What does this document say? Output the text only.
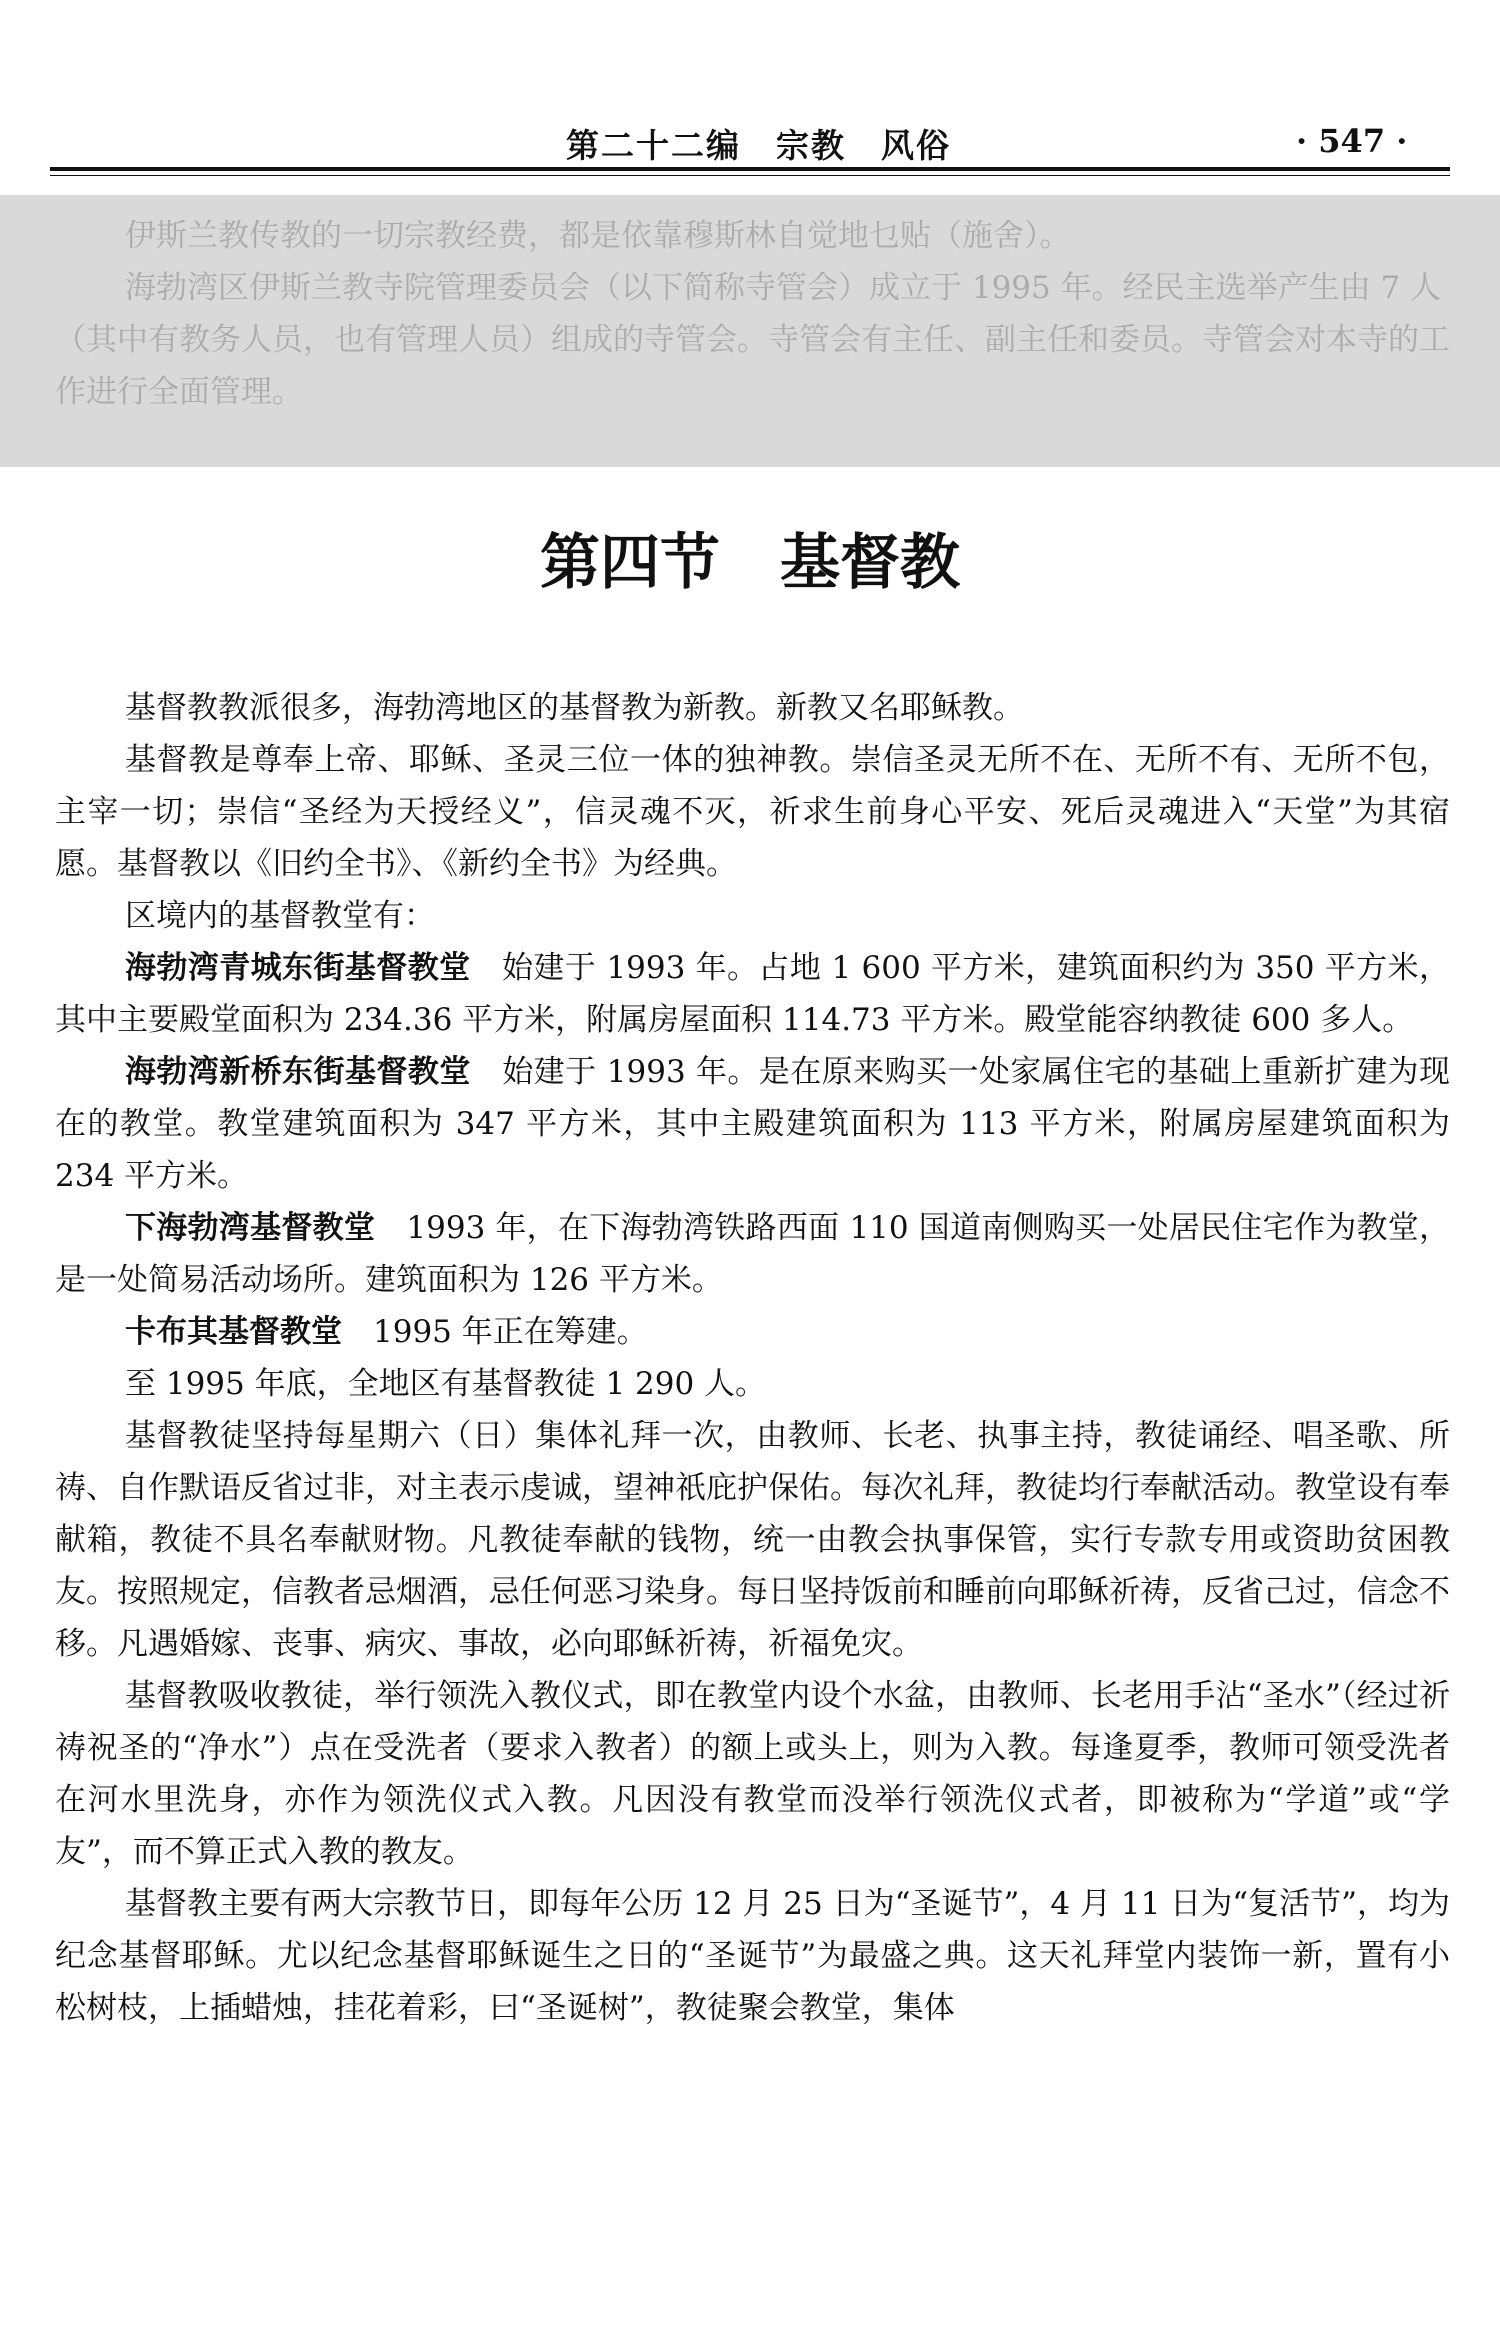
第二十二编　宗教　风俗	· 547 ·

伊斯兰教传教的一切宗教经费，都是依靠穆斯林自觉地乜贴（施舍）。

海勃湾区伊斯兰教寺院管理委员会（以下简称寺管会）成立于 1995 年。经民主选举产生由 7 人（其中有教务人员，也有管理人员）组成的寺管会。寺管会有主任、副主任和委员。寺管会对本寺的工作进行全面管理。

第四节　基督教

基督教教派很多，海勃湾地区的基督教为新教。新教又名耶稣教。

基督教是尊奉上帝、耶稣、圣灵三位一体的独神教。崇信圣灵无所不在、无所不有、无所不包，主宰一切；崇信“圣经为天授经义”，信灵魂不灭，祈求生前身心平安、死后灵魂进入“天堂”为其宿愿。基督教以《旧约全书》、《新约全书》为经典。

区境内的基督教堂有：

海勃湾青城东街基督教堂　始建于 1993 年。占地 1 600 平方米，建筑面积约为 350 平方米，其中主要殿堂面积为 234.36 平方米，附属房屋面积 114.73 平方米。殿堂能容纳教徒 600 多人。

海勃湾新桥东街基督教堂　始建于 1993 年。是在原来购买一处家属住宅的基础上重新扩建为现在的教堂。教堂建筑面积为 347 平方米，其中主殿建筑面积为 113 平方米，附属房屋建筑面积为 234 平方米。

下海勃湾基督教堂　1993 年，在下海勃湾铁路西面 110 国道南侧购买一处居民住宅作为教堂，是一处简易活动场所。建筑面积为 126 平方米。

卡布其基督教堂　1995 年正在筹建。

至 1995 年底，全地区有基督教徒 1 290 人。

基督教徒坚持每星期六（日）集体礼拜一次，由教师、长老、执事主持，教徒诵经、唱圣歌、所祷、自作默语反省过非，对主表示虔诚，望神祇庇护保佑。每次礼拜，教徒均行奉献活动。教堂设有奉献箱，教徒不具名奉献财物。凡教徒奉献的钱物，统一由教会执事保管，实行专款专用或资助贫困教友。按照规定，信教者忌烟酒，忌任何恶习染身。每日坚持饭前和睡前向耶稣祈祷，反省己过，信念不移。凡遇婚嫁、丧事、病灾、事故，必向耶稣祈祷，祈福免灾。

基督教吸收教徒，举行领洗入教仪式，即在教堂内设个水盆，由教师、长老用手沾“圣水”（经过祈祷祝圣的“净水”）点在受洗者（要求入教者）的额上或头上，则为入教。每逢夏季，教师可领受洗者在河水里洗身，亦作为领洗仪式入教。凡因没有教堂而没举行领洗仪式者，即被称为“学道”或“学友”，而不算正式入教的教友。

基督教主要有两大宗教节日，即每年公历 12 月 25 日为“圣诞节”，4 月 11 日为“复活节”，均为纪念基督耶稣。尤以纪念基督耶稣诞生之日的“圣诞节”为最盛之典。这天礼拜堂内装饰一新，置有小松树枝，上插蜡烛，挂花着彩，曰“圣诞树”，教徒聚会教堂，集体
